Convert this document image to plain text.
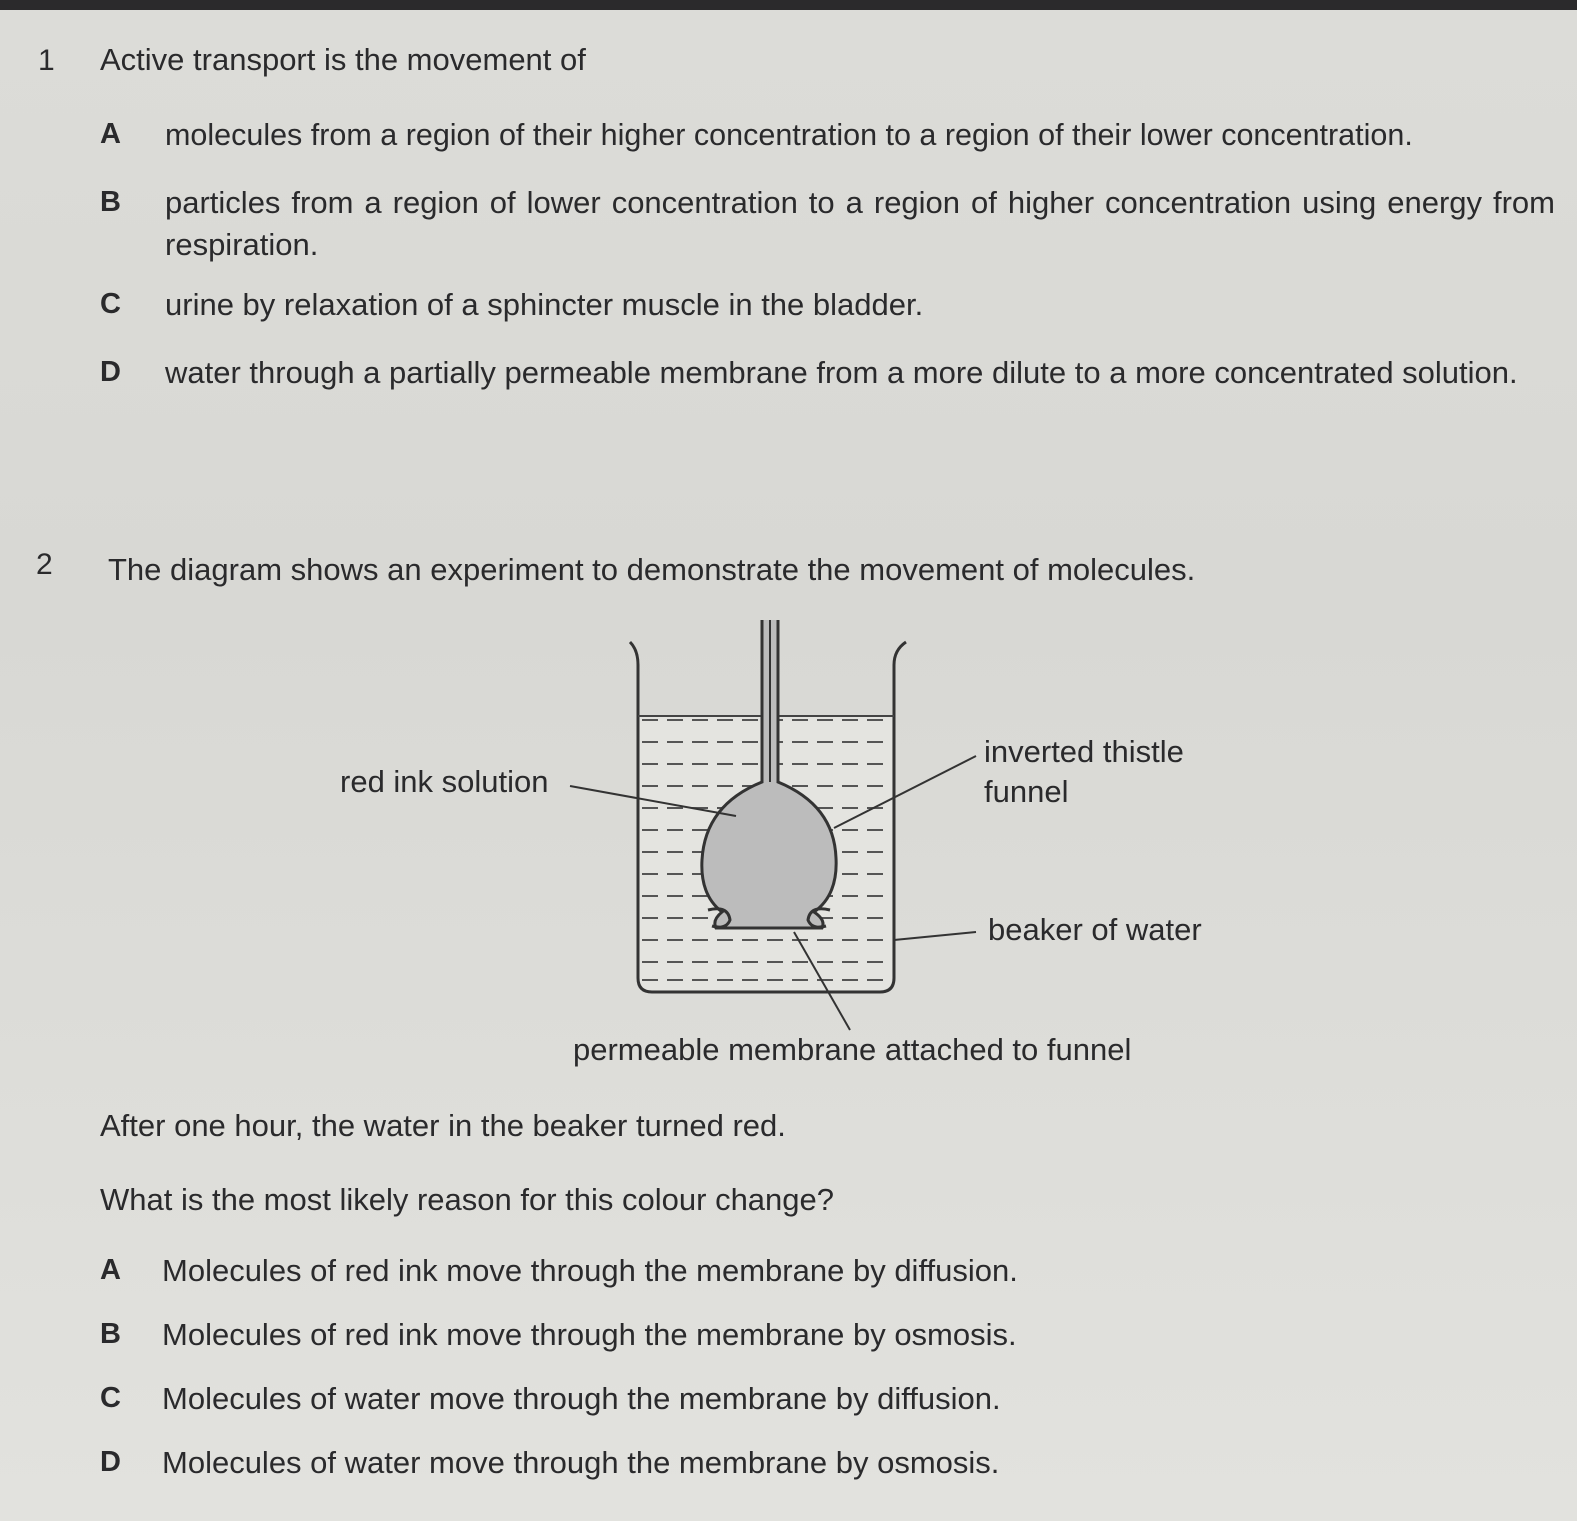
1 Active transport is the movement of
A molecules from a region of their higher concentration to a region of their lower concentration.
B particles from a region of lower concentration to a region of higher concentration using energy from respiration.
C urine by relaxation of a sphincter muscle in the bladder.
D water through a partially permeable membrane from a more dilute to a more concentrated solution.
2 The diagram shows an experiment to demonstrate the movement of molecules.
red ink solution
inverted thistle
funnel
beaker of water
permeable membrane attached to funnel
After one hour, the water in the beaker turned red.
What is the most likely reason for this colour change?
A Molecules of red ink move through the membrane by diffusion.
B Molecules of red ink move through the membrane by osmosis.
C Molecules of water move through the membrane by diffusion.
D Molecules of water move through the membrane by osmosis.
